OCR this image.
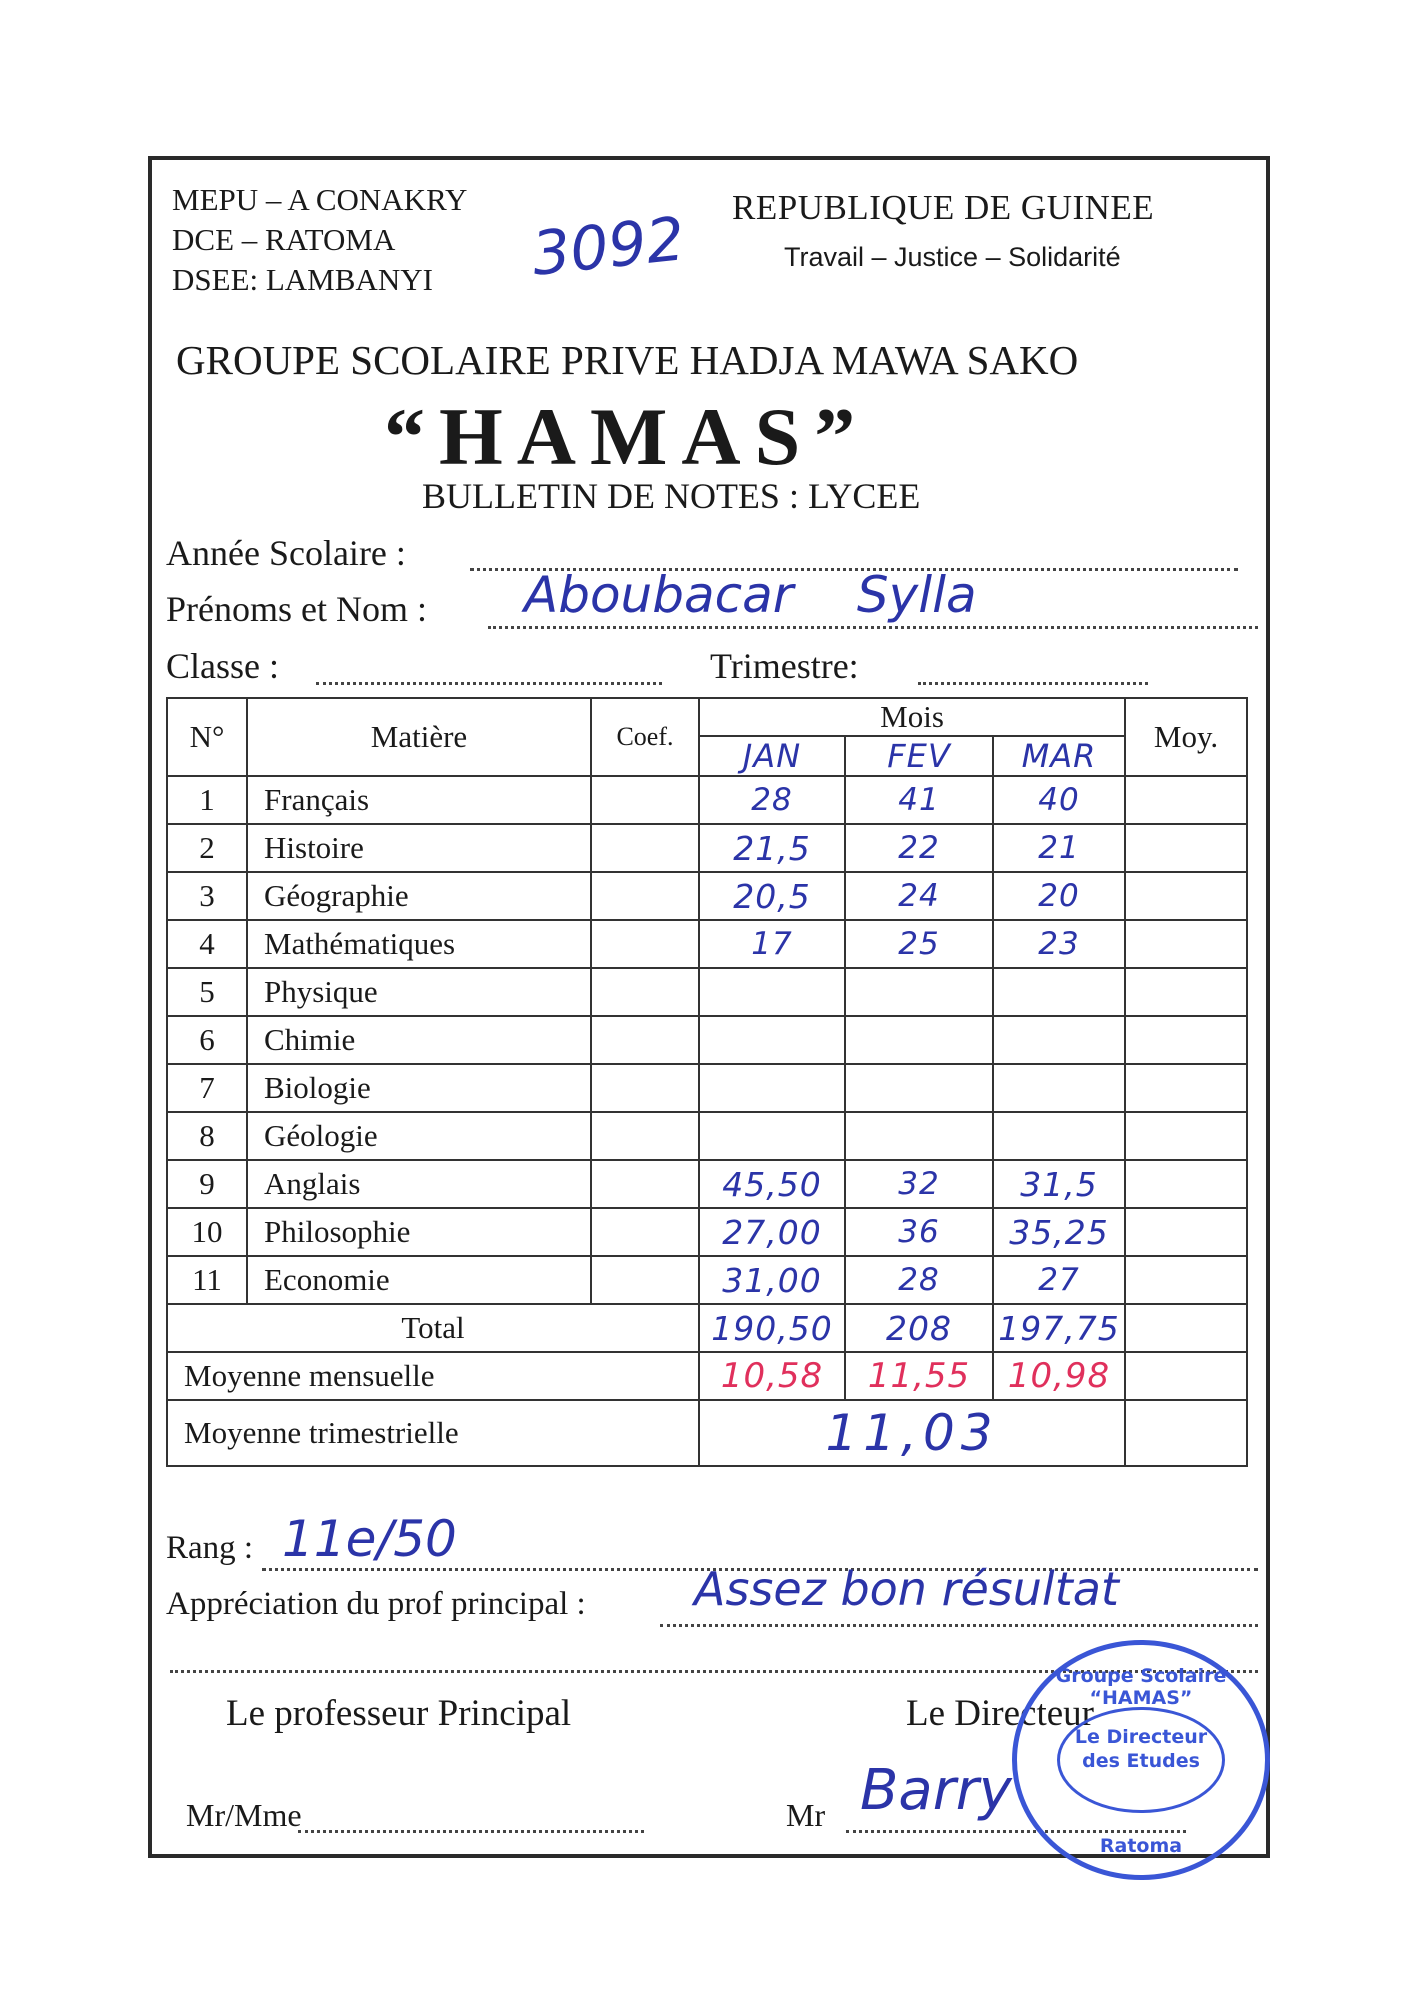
MEPU – A CONAKRY
DCE – RATOMA
DSEE: LAMBANYI	3092 REPUBLIQUE DE GUINEE
Travail – Justice – Solidarité
GROUPE SCOLAIRE PRIVE HADJA MAWA SAKO
“HAMAS”
BULLETIN DE NOTES : LYCEE
Année Scolaire :
Prénoms et Nom : Aboubacar    Sylla
Classe :	Trimestre:
N°	Matière	Coef.	Mois			Moy.
			JAN	FEV	MAR	
1	Français		28	41	40	
2	Histoire		21,5	22	21	
3	Géographie		20,5	24	20	
4	Mathématiques		17	25	23	
5	Physique					
6	Chimie					
7	Biologie					
8	Géologie					
9	Anglais		45,50	32	31,5	
10	Philosophie		27,00	36	35,25	
11	Economie		31,00	28	27	
Total			190,50	208	197,75	
Moyenne mensuelle			10,58	11,55	10,98	
Moyenne trimestrielle			11,03			
Rang : 11e/50
Appréciation du prof principal : Assez bon résultat
Le professeur Principal	Le Directeur
Mr/Mme	Mr Barry
Groupe Scolaire “HAMAS”
Le Directeur des Etudes
Ratoma
